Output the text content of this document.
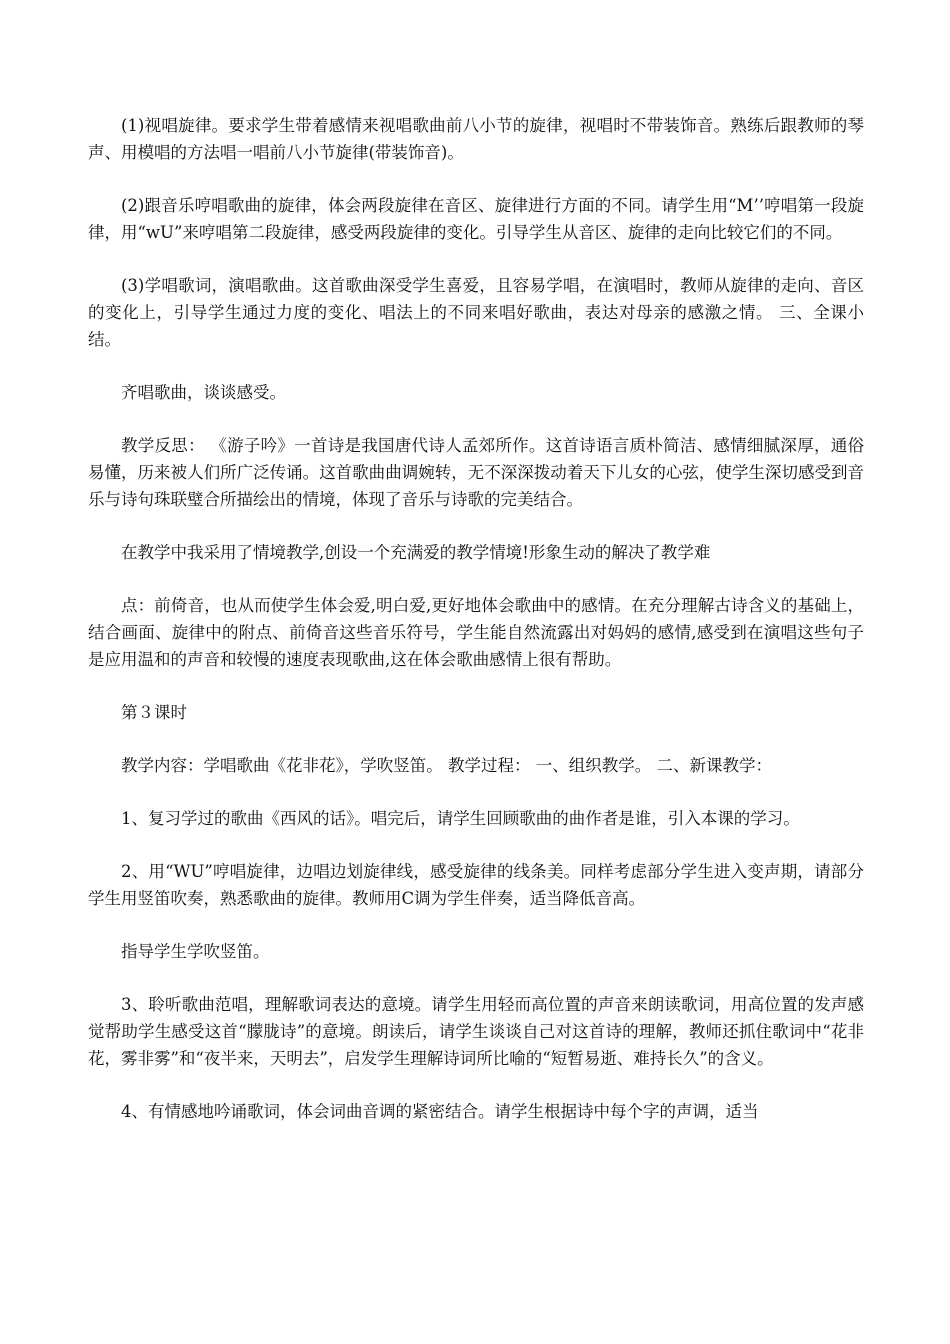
(1)视唱旋律。要求学生带着感情来视唱歌曲前八小节的旋律，视唱时不带装饰音。熟练后跟教师的琴声、用模唱的方法唱一唱前八小节旋律(带装饰音)。

(2)跟音乐哼唱歌曲的旋律，体会两段旋律在音区、旋律进行方面的不同。请学生用“M’’哼唱第一段旋律，用“wU”来哼唱第二段旋律，感受两段旋律的变化。引导学生从音区、旋律的走向比较它们的不同。

(3)学唱歌词，演唱歌曲。这首歌曲深受学生喜爱，且容易学唱，在演唱时，教师从旋律的走向、音区的变化上，引导学生通过力度的变化、唱法上的不同来唱好歌曲，表达对母亲的感激之情。 三、全课小结。

齐唱歌曲，谈谈感受。

教学反思： 《游子吟》一首诗是我国唐代诗人孟郊所作。这首诗语言质朴简洁、感情细腻深厚，通俗易懂，历来被人们所广泛传诵。这首歌曲曲调婉转，无不深深拨动着天下儿女的心弦，使学生深切感受到音乐与诗句珠联璧合所描绘出的情境，体现了音乐与诗歌的完美结合。

在教学中我采用了情境教学,创设一个充满爱的教学情境!形象生动的解决了教学难

点：前倚音，也从而使学生体会爱,明白爱,更好地体会歌曲中的感情。在充分理解古诗含义的基础上，结合画面、旋律中的附点、前倚音这些音乐符号，学生能自然流露出对妈妈的感情,感受到在演唱这些句子是应用温和的声音和较慢的速度表现歌曲,这在体会歌曲感情上很有帮助。

第３课时

教学内容：学唱歌曲《花非花》，学吹竖笛。 教学过程： 一、组织教学。 二、新课教学：

1、复习学过的歌曲《西风的话》。唱完后，请学生回顾歌曲的曲作者是谁，引入本课的学习。

2、用“WU”哼唱旋律，边唱边划旋律线，感受旋律的线条美。同样考虑部分学生进入变声期，请部分学生用竖笛吹奏，熟悉歌曲的旋律。教师用C调为学生伴奏，适当降低音高。

指导学生学吹竖笛。

3、聆听歌曲范唱，理解歌词表达的意境。请学生用轻而高位置的声音来朗读歌词，用高位置的发声感觉帮助学生感受这首“朦胧诗”的意境。朗读后，请学生谈谈自己对这首诗的理解，教师还抓住歌词中“花非花，雾非雾”和“夜半来，天明去”，启发学生理解诗词所比喻的“短暂易逝、难持长久”的含义。

4、有情感地吟诵歌词，体会词曲音调的紧密结合。请学生根据诗中每个字的声调，适当
